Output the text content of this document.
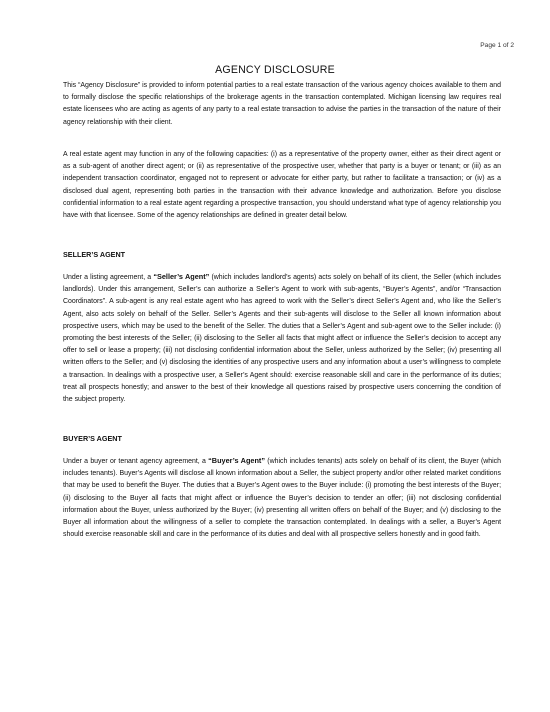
Page 1 of 2
AGENCY DISCLOSURE

This “Agency Disclosure” is provided to inform potential parties to a real estate transaction of the various agency choices available to them and to formally disclose the specific relationships of the brokerage agents in the transaction contemplated. Michigan licensing law requires real estate licensees who are acting as agents of any party to a real estate transaction to advise the parties in the transaction of the nature of their agency relationship with their client.

A real estate agent may function in any of the following capacities: (i) as a representative of the property owner, either as their direct agent or as a sub-agent of another direct agent; or (ii) as representative of the prospective user, whether that party is a buyer or tenant; or (iii) as an independent transaction coordinator, engaged not to represent or advocate for either party, but rather to facilitate a transaction; or (iv) as a disclosed dual agent, representing both parties in the transaction with their advance knowledge and authorization. Before you disclose confidential information to a real estate agent regarding a prospective transaction, you should understand what type of agency relationship you have with that licensee. Some of the agency relationships are defined in greater detail below.

SELLER’S AGENT

Under a listing agreement, a “Seller’s Agent” (which includes landlord’s agents) acts solely on behalf of its client, the Seller (which includes landlords). Under this arrangement, Seller’s can authorize a Seller’s Agent to work with sub-agents, “Buyer’s Agents”, and/or “Transaction Coordinators”. A sub-agent is any real estate agent who has agreed to work with the Seller’s direct Seller’s Agent and, who like the Seller’s Agent, also acts solely on behalf of the Seller. Seller’s Agents and their sub-agents will disclose to the Seller all known information about prospective users, which may be used to the benefit of the Seller. The duties that a Seller’s Agent and sub-agent owe to the Seller include: (i) promoting the best interests of the Seller; (ii) disclosing to the Seller all facts that might affect or influence the Seller’s decision to accept any offer to sell or lease a property; (iii) not disclosing confidential information about the Seller, unless authorized by the Seller; (iv) presenting all written offers to the Seller; and (v) disclosing the identities of any prospective users and any information about a user’s willingness to complete a transaction. In dealings with a prospective user, a Seller’s Agent should: exercise reasonable skill and care in the performance of its duties; treat all prospects honestly; and answer to the best of their knowledge all questions raised by prospective users concerning the condition of the subject property.

BUYER’S AGENT

Under a buyer or tenant agency agreement, a “Buyer’s Agent” (which includes tenants) acts solely on behalf of its client, the Buyer (which includes tenants). Buyer’s Agents will disclose all known information about a Seller, the subject property and/or other related market conditions that may be used to benefit the Buyer. The duties that a Buyer’s Agent owes to the Buyer include: (i) promoting the best interests of the Buyer; (ii) disclosing to the Buyer all facts that might affect or influence the Buyer’s decision to tender an offer; (iii) not disclosing confidential information about the Buyer, unless authorized by the Buyer; (iv) presenting all written offers on behalf of the Buyer; and (v) disclosing to the Buyer all information about the willingness of a seller to complete the transaction contemplated. In dealings with a seller, a Buyer’s Agent should exercise reasonable skill and care in the performance of its duties and deal with all prospective sellers honestly and in good faith.
